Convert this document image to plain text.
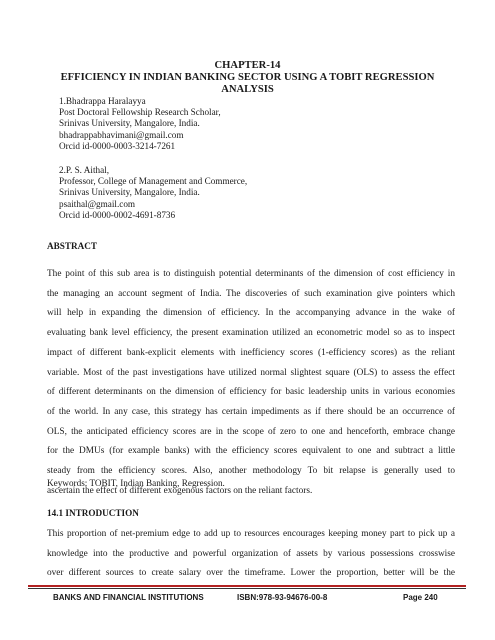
CHAPTER-14
EFFICIENCY IN INDIAN BANKING SECTOR USING A TOBIT REGRESSION
ANALYSIS
1.Bhadrappa Haralayya
Post Doctoral Fellowship Research Scholar,
Srinivas University, Mangalore, India.
bhadrappabhavimani@gmail.com
Orcid id-0000-0003-3214-7261
2.P. S. Aithal,
Professor, College of Management and Commerce,
Srinivas University, Mangalore, India.
psaithal@gmail.com
Orcid id-0000-0002-4691-8736
ABSTRACT
The point of this sub area is to distinguish potential determinants of the dimension of cost efficiency in
the managing an account segment of India. The discoveries of such examination give pointers which
will help in expanding the dimension of efficiency. In the accompanying advance in the wake of
evaluating bank level efficiency, the present examination utilized an econometric model so as to inspect
impact of different bank-explicit elements with inefficiency scores (1-efficiency scores) as the reliant
variable. Most of the past investigations have utilized normal slightest square (OLS) to assess the effect
of different determinants on the dimension of efficiency for basic leadership units in various economies
of the world. In any case, this strategy has certain impediments as if there should be an occurrence of
OLS, the anticipated efficiency scores are in the scope of zero to one and henceforth, embrace change
for the DMUs (for example banks) with the efficiency scores equivalent to one and subtract a little
steady from the efficiency scores. Also, another methodology To bit relapse is generally used to
ascertain the effect of different exogenous factors on the reliant factors.
Keywords: TOBIT, Indian Banking, Regression.
14.1 INTRODUCTION
This proportion of net-premium edge to add up to resources encourages keeping money part to pick up a
knowledge into the productive and powerful organization of assets by various possessions crosswise
over different sources to create salary over the timeframe. Lower the proportion, better will be the
BANKS AND FINANCIAL INSTITUTIONS	ISBN:978-93-94676-00-8	Page 240
